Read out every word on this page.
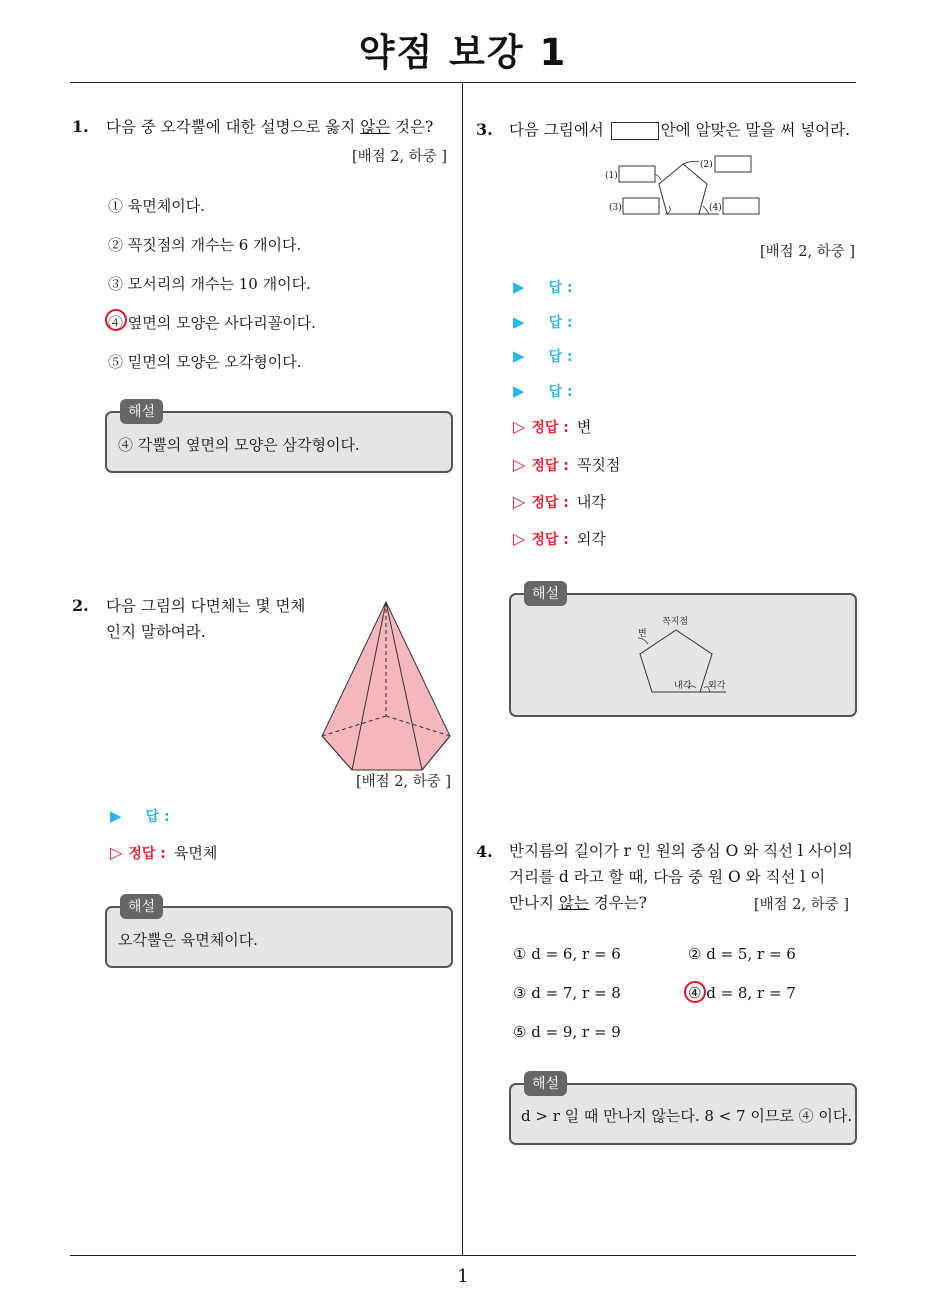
약점 보강 1
1
1. 다음 중 오각뿔에 대한 설명으로 옳지 않은 것은?
[배점 2, 하중 ]
① 육면체이다.
② 꼭짓점의 개수는 6 개이다.
③ 모서리의 개수는 10 개이다.
④ 옆면의 모양은 사다리꼴이다.
⑤ 밑면의 모양은 오각형이다.
해설
④ 각뿔의 옆면의 모양은 삼각형이다.
2. 다음 그림의 다면체는 몇 면체
인지 말하여라.
[배점 2, 하중 ]
▶ 답 :
▷ 정답 : 육면체
해설
오각뿔은 육면체이다.
3. 다음 그림에서	안에 알맞은 말을 써 넣어라.
(1)
(2)
(3)	(4)
[배점 2, 하중 ]
▶ 답 :
▶ 답 :
▶ 답 :
▶ 답 :
▷ 정답 : 변
▷ 정답 : 꼭짓점
▷ 정답 : 내각
▷ 정답 : 외각
해설
꼭지점
변
내각 외각
4. 반지름의 길이가 r 인 원의 중심 O 와 직선 l 사이의
거리를 d 라고 할 때, 다음 중 원 O 와 직선 l 이
만나지 않는 경우는?	[배점 2, 하중 ]
① d = 6, r = 6	② d = 5, r = 6
③ d = 7, r = 8	④ d = 8, r = 7
⑤ d = 9, r = 9
해설
d > r 일 때 만나지 않는다. 8 < 7 이므로 ④ 이다.
